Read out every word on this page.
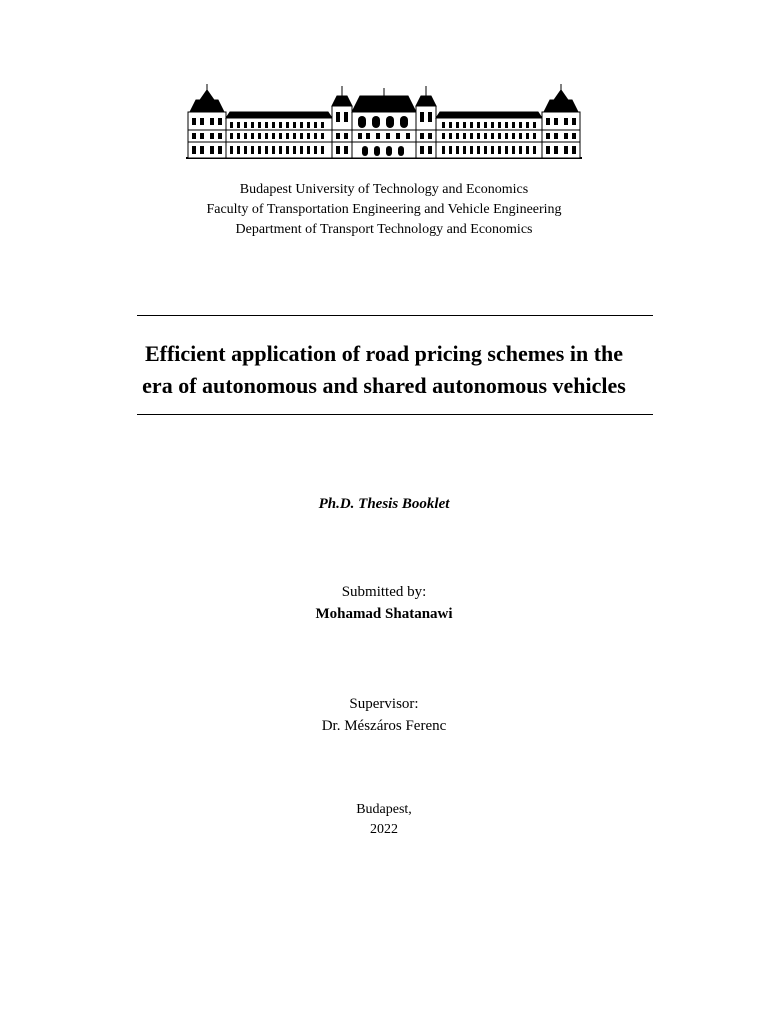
Budapest University of Technology and Economics
Faculty of Transportation Engineering and Vehicle Engineering
Department of Transport Technology and Economics
Efficient application of road pricing schemes in the
era of autonomous and shared autonomous vehicles
Ph.D. Thesis Booklet
Submitted by:
Mohamad Shatanawi
Supervisor:
Dr. Mészáros Ferenc
Budapest,
2022
